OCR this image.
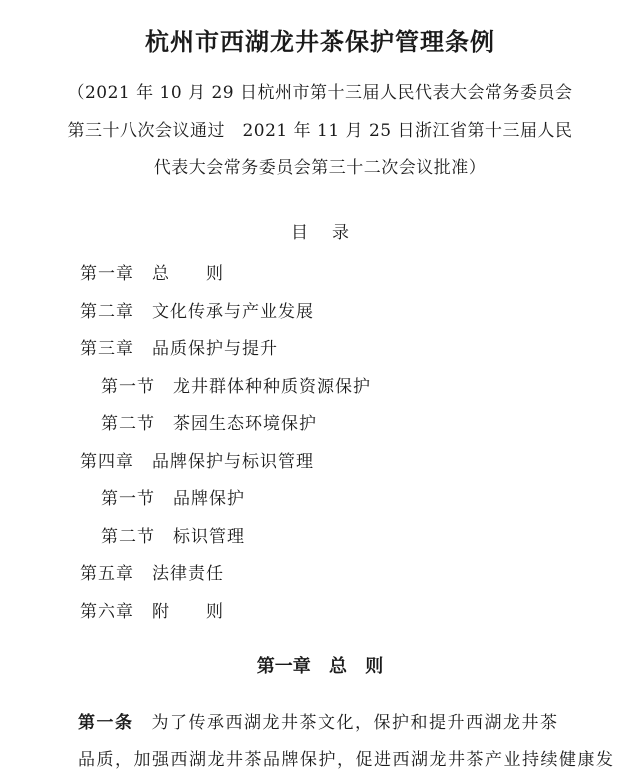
杭州市西湖龙井茶保护管理条例
（2021 年 10 月 29 日杭州市第十三届人民代表大会常务委员会
第三十八次会议通过　2021 年 11 月 25 日浙江省第十三届人民
代表大会常务委员会第三十二次会议批准）
目 录
第一章 总　　则
第二章 文化传承与产业发展
第三章 品质保护与提升
第一节 龙井群体种种质资源保护
第二节 茶园生态环境保护
第四章 品牌保护与标识管理
第一节 品牌保护
第二节 标识管理
第五章 法律责任
第六章 附　　则
第一章 总 则
第一条 为了传承西湖龙井茶文化，保护和提升西湖龙井茶
品质，加强西湖龙井茶品牌保护，促进西湖龙井茶产业持续健康发
